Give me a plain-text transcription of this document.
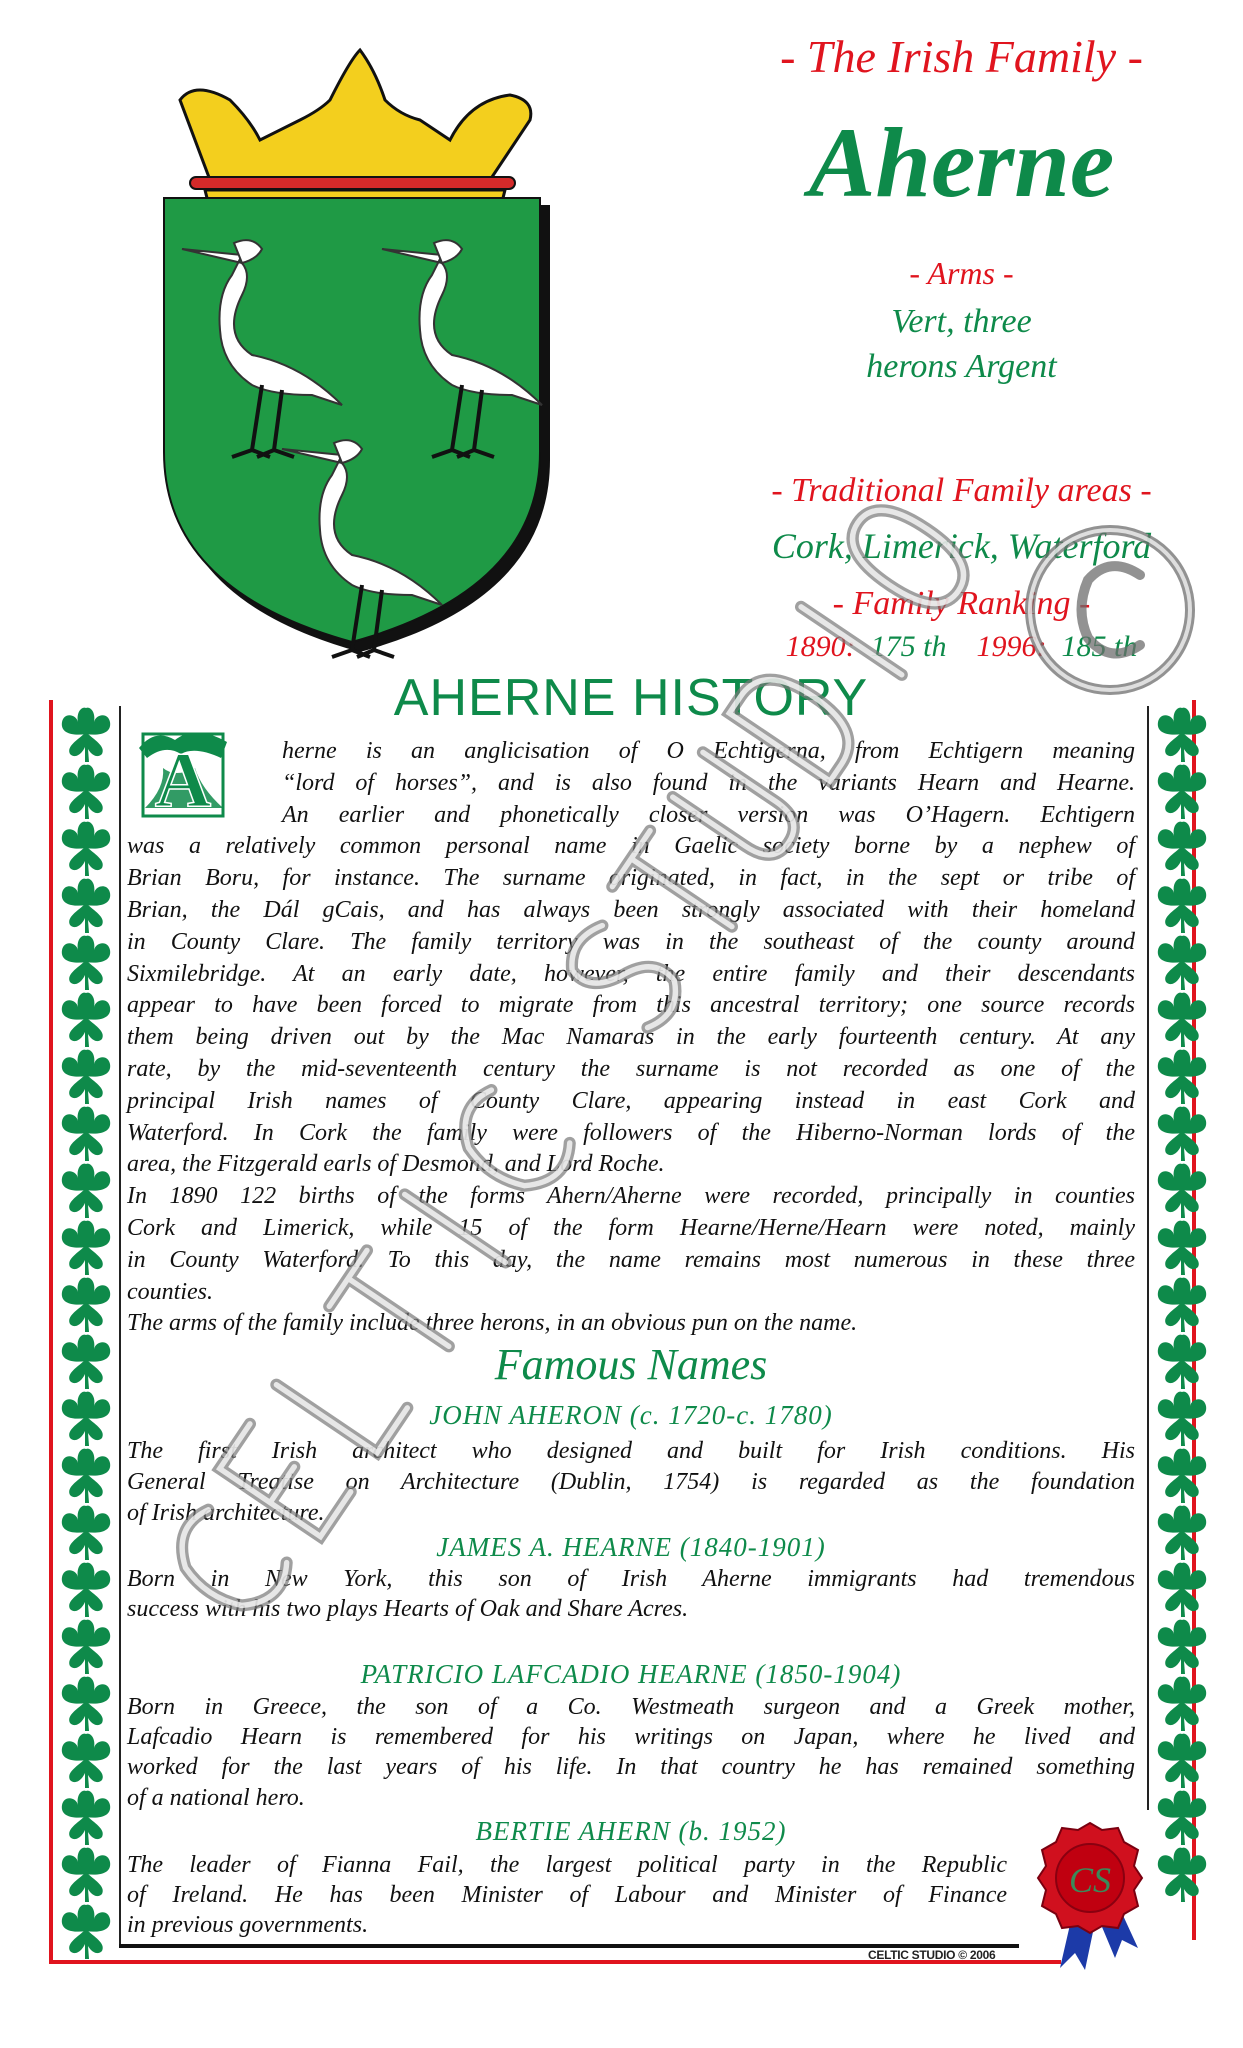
- The Irish Family -
Aherne
- Arms -
Vert, three
herons Argent
- Traditional Family areas -
Cork, Limerick, Waterford
- Family Ranking -
1890: 175 th 1996: 185 th
AHERNE HISTORY
A	herne is an anglicisation of O Echtigerna, from Echtigern meaning
“lord of horses”, and is also found in the variants Hearn and Hearne.
An earlier and phonetically closer version was O’Hagern. Echtigern
was a relatively common personal name in Gaelic society borne by a nephew of
Brian Boru, for instance. The surname originated, in fact, in the sept or tribe of
Brian, the Dál gCais, and has always been strongly associated with their homeland
in County Clare. The family territory was in the southeast of the county around
Sixmilebridge. At an early date, however, the entire family and their descendants
appear to have been forced to migrate from this ancestral territory; one source records
them being driven out by the Mac Namaras in the early fourteenth century. At any
rate, by the mid-seventeenth century the surname is not recorded as one of the
principal Irish names of County Clare, appearing instead in east Cork and
Waterford. In Cork the family were followers of the Hiberno-Norman lords of the
area, the Fitzgerald earls of Desmond, and Lord Roche.
In 1890 122 births of the forms Ahern/Aherne were recorded, principally in counties
Cork and Limerick, while 15 of the form Hearne/Herne/Hearn were noted, mainly
in County Waterford. To this day, the name remains most numerous in these three
counties.
The arms of the family include three herons, in an obvious pun on the name.
Famous Names
JOHN AHERON (c. 1720-c. 1780)
The first Irish architect who designed and built for Irish conditions. His
General Treatise on Architecture (Dublin, 1754) is regarded as the foundation
of Irish architecture.
JAMES A. HEARNE (1840-1901)
Born in New York, this son of Irish Aherne immigrants had tremendous
success with his two plays Hearts of Oak and Share Acres.
PATRICIO LAFCADIO HEARNE (1850-1904)
Born in Greece, the son of a Co. Westmeath surgeon and a Greek mother,
Lafcadio Hearn is remembered for his writings on Japan, where he lived and
worked for the last years of his life. In that country he has remained something
of a national hero.
BERTIE AHERN (b. 1952)
The leader of Fianna Fail, the largest political party in the Republic
of Ireland. He has been Minister of Labour and Minister of Finance
in previous governments.
CS
CELTIC STUDIO © 2006
